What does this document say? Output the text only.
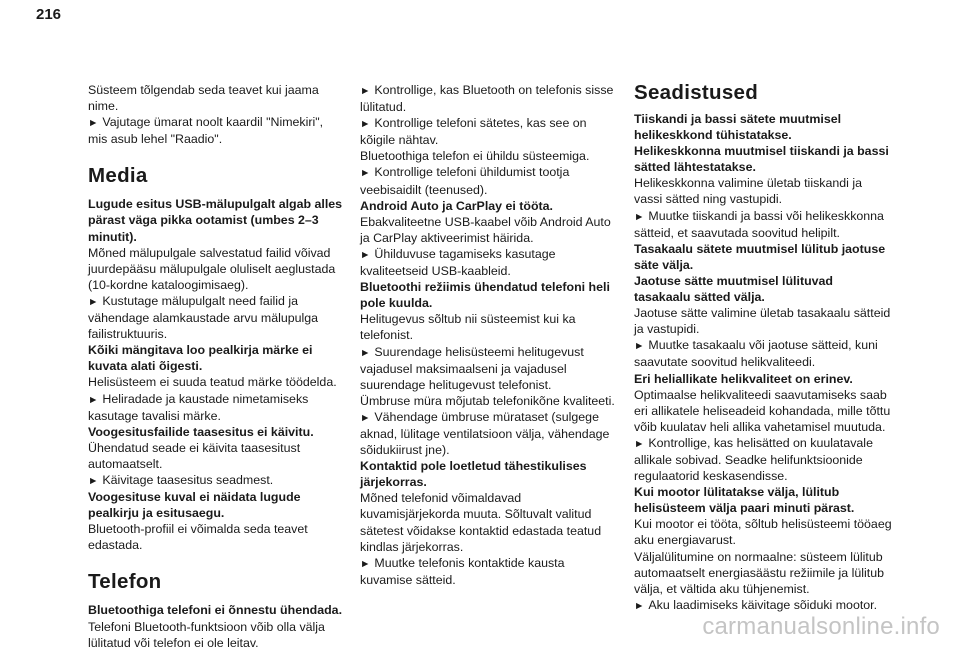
216

Süsteem tõlgendab seda teavet kui jaama nime.

► Vajutage ümarat noolt kaardil "Nimekiri", mis asub lehel "Raadio".

Media

Lugude esitus USB-mälupulgalt algab alles pärast väga pikka ootamist (umbes 2–3 minutit).

Mõned mälupulgale salvestatud failid võivad juurdepääsu mälupulgale oluliselt aeglustada (10-kordne kataloogimisaeg).

► Kustutage mälupulgalt need failid ja vähendage alamkaustade arvu mälupulga failistruktuuris.

Kõiki mängitava loo pealkirja märke ei kuvata alati õigesti.

Helisüsteem ei suuda teatud märke töödelda.

► Heliradade ja kaustade nimetamiseks kasutage tavalisi märke.

Voogesitusfailide taasesitus ei käivitu.

Ühendatud seade ei käivita taasesitust automaatselt.

► Käivitage taasesitus seadmest.

Voogesituse kuval ei näidata lugude pealkirju ja esitusaegu.

Bluetooth-profiil ei võimalda seda teavet edastada.

Telefon

Bluetoothiga telefoni ei õnnestu ühendada.

Telefoni Bluetooth-funktsioon võib olla välja lülitatud või telefon ei ole leitav.

► Kontrollige, kas Bluetooth on telefonis sisse lülitatud.

► Kontrollige telefoni sätetes, kas see on kõigile nähtav.

Bluetoothiga telefon ei ühildu süsteemiga.

► Kontrollige telefoni ühildumist tootja veebisaidilt (teenused).

Android Auto ja CarPlay ei tööta.

Ebakvaliteetne USB-kaabel võib Android Auto ja CarPlay aktiveerimist häirida.

► Ühilduvuse tagamiseks kasutage kvaliteetseid USB-kaableid.

Bluetoothi režiimis ühendatud telefoni heli pole kuulda.

Helitugevus sõltub nii süsteemist kui ka telefonist.

► Suurendage helisüsteemi helitugevust vajadusel maksimaalseni ja vajadusel suurendage helitugevust telefonist.

Ümbruse müra mõjutab telefonikõne kvaliteeti.

► Vähendage ümbruse mürataset (sulgege aknad, lülitage ventilatsioon välja, vähendage sõidukiirust jne).

Kontaktid pole loetletud tähestikulises järjekorras.

Mõned telefonid võimaldavad kuvamisjärjekorda muuta. Sõltuvalt valitud sätetest võidakse kontaktid edastada teatud kindlas järjekorras.

► Muutke telefonis kontaktide kausta kuvamise sätteid.

Seadistused

Tiiskandi ja bassi sätete muutmisel helikeskkond tühistatakse.

Helikeskkonna muutmisel tiiskandi ja bassi sätted lähtestatakse.

Helikeskkonna valimine ületab tiiskandi ja vassi sätted ning vastupidi.

► Muutke tiiskandi ja bassi või helikeskkonna sätteid, et saavutada soovitud helipilt.

Tasakaalu sätete muutmisel lülitub jaotuse säte välja.

Jaotuse sätte muutmisel lülituvad tasakaalu sätted välja.

Jaotuse sätte valimine ületab tasakaalu sätteid ja vastupidi.

► Muutke tasakaalu või jaotuse sätteid, kuni saavutate soovitud helikvaliteedi.

Eri heliallikate helikvaliteet on erinev.

Optimaalse helikvaliteedi saavutamiseks saab eri allikatele heliseadeid kohandada, mille tõttu võib kuulatav heli allika vahetamisel muutuda.

► Kontrollige, kas helisätted on kuulatavale allikale sobivad. Seadke helifunktsioonide regulaatorid keskasendisse.

Kui mootor lülitatakse välja, lülitub helisüsteem välja paari minuti pärast.

Kui mootor ei tööta, sõltub helisüsteemi tööaeg aku energiavarust.

Väljalülitumine on normaalne: süsteem lülitub automaatselt energiasäästu režiimile ja lülitub välja, et vältida aku tühjenemist.

► Aku laadimiseks käivitage sõiduki mootor.

carmanualsonline.info
